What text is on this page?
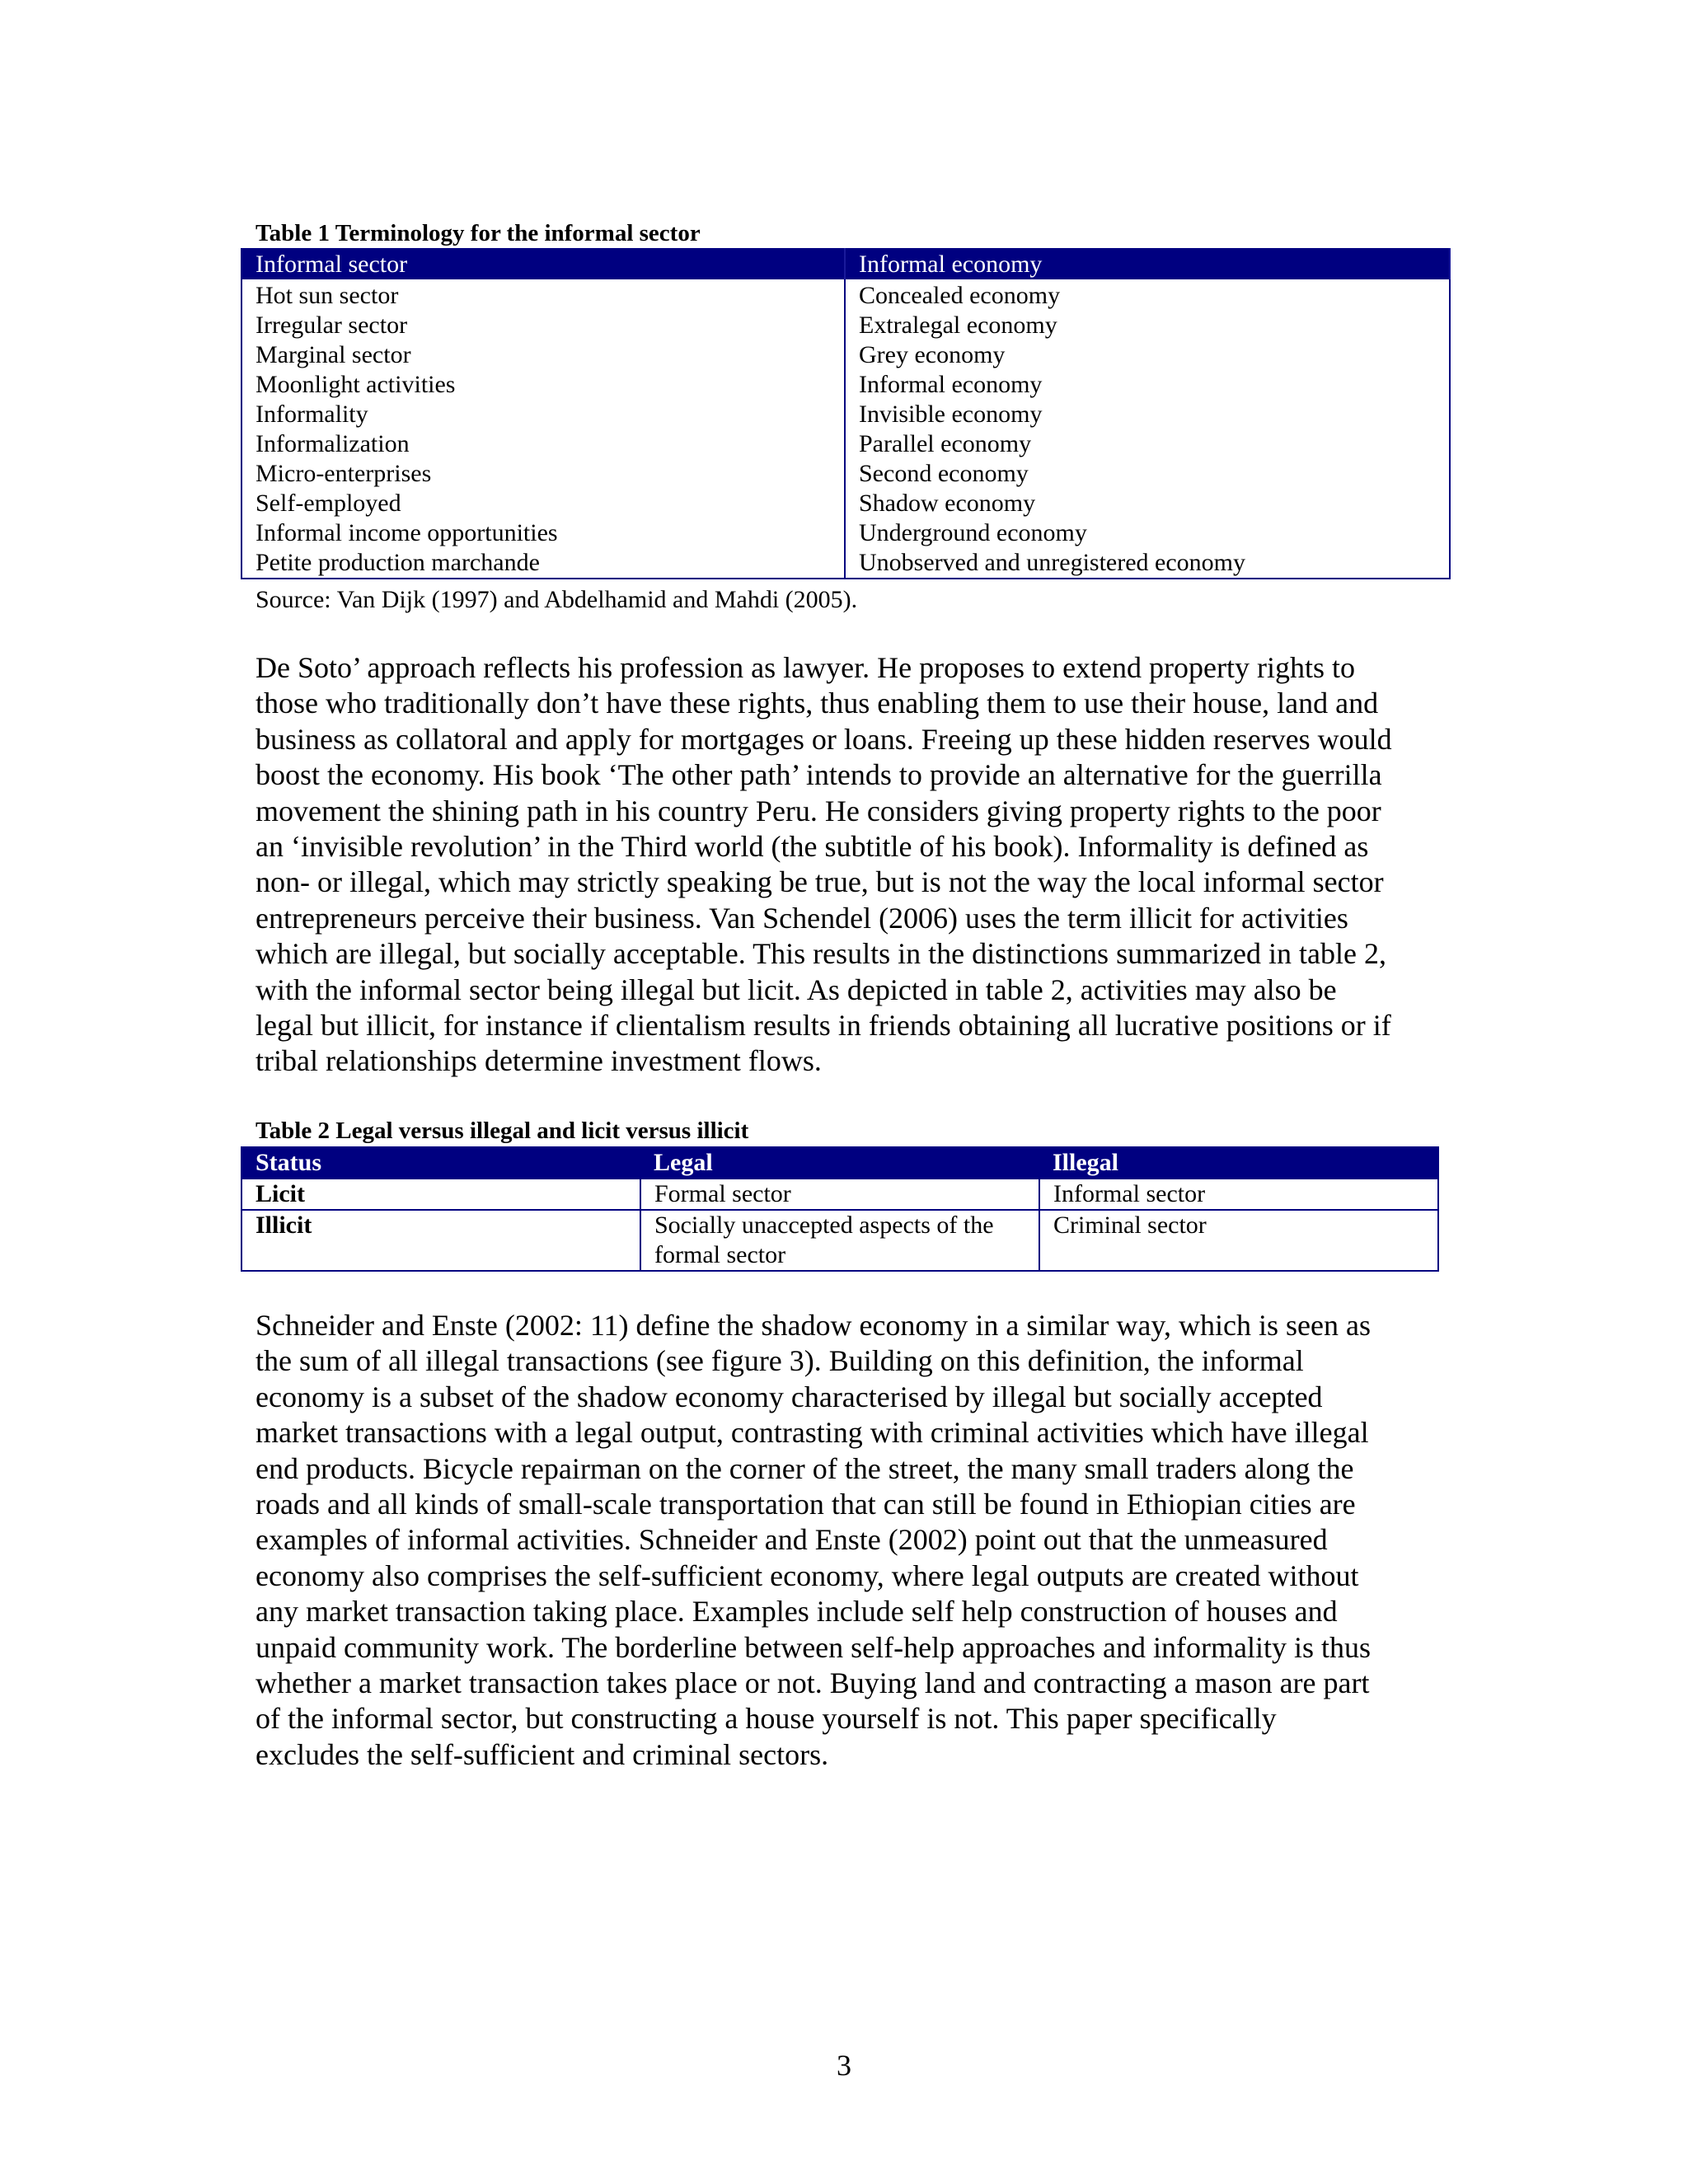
Table 1 Terminology for the informal sector
Informal sector	Informal economy
Hot sun sector	Concealed economy
Irregular sector	Extralegal economy
Marginal sector	Grey economy
Moonlight activities	Informal economy
Informality	Invisible economy
Informalization	Parallel economy
Micro-enterprises	Second economy
Self-employed	Shadow economy
Informal income opportunities	Underground economy
Petite production marchande	Unobserved and unregistered economy
Source: Van Dijk (1997) and Abdelhamid and Mahdi (2005).
De Soto’ approach reflects his profession as lawyer. He proposes to extend property rights to
those who traditionally don’t have these rights, thus enabling them to use their house, land and
business as collatoral and apply for mortgages or loans. Freeing up these hidden reserves would
boost the economy. His book ‘The other path’ intends to provide an alternative for the guerrilla
movement the shining path in his country Peru. He considers giving property rights to the poor
an ‘invisible revolution’ in the Third world (the subtitle of his book). Informality is defined as
non- or illegal, which may strictly speaking be true, but is not the way the local informal sector
entrepreneurs perceive their business. Van Schendel (2006) uses the term illicit for activities
which are illegal, but socially acceptable. This results in the distinctions summarized in table 2,
with the informal sector being illegal but licit. As depicted in table 2, activities may also be
legal but illicit, for instance if clientalism results in friends obtaining all lucrative positions or if
tribal relationships determine investment flows.
Table 2 Legal versus illegal and licit versus illicit
Status	Legal	Illegal
Licit	Formal sector	Informal sector
Illicit	Socially unaccepted aspects of the formal sector	Criminal sector
Schneider and Enste (2002: 11) define the shadow economy in a similar way, which is seen as
the sum of all illegal transactions (see figure 3). Building on this definition, the informal
economy is a subset of the shadow economy characterised by illegal but socially accepted
market transactions with a legal output, contrasting with criminal activities which have illegal
end products. Bicycle repairman on the corner of the street, the many small traders along the
roads and all kinds of small-scale transportation that can still be found in Ethiopian cities are
examples of informal activities. Schneider and Enste (2002) point out that the unmeasured
economy also comprises the self-sufficient economy, where legal outputs are created without
any market transaction taking place. Examples include self help construction of houses and
unpaid community work. The borderline between self-help approaches and informality is thus
whether a market transaction takes place or not. Buying land and contracting a mason are part
of the informal sector, but constructing a house yourself is not. This paper specifically
excludes the self-sufficient and criminal sectors.
3
